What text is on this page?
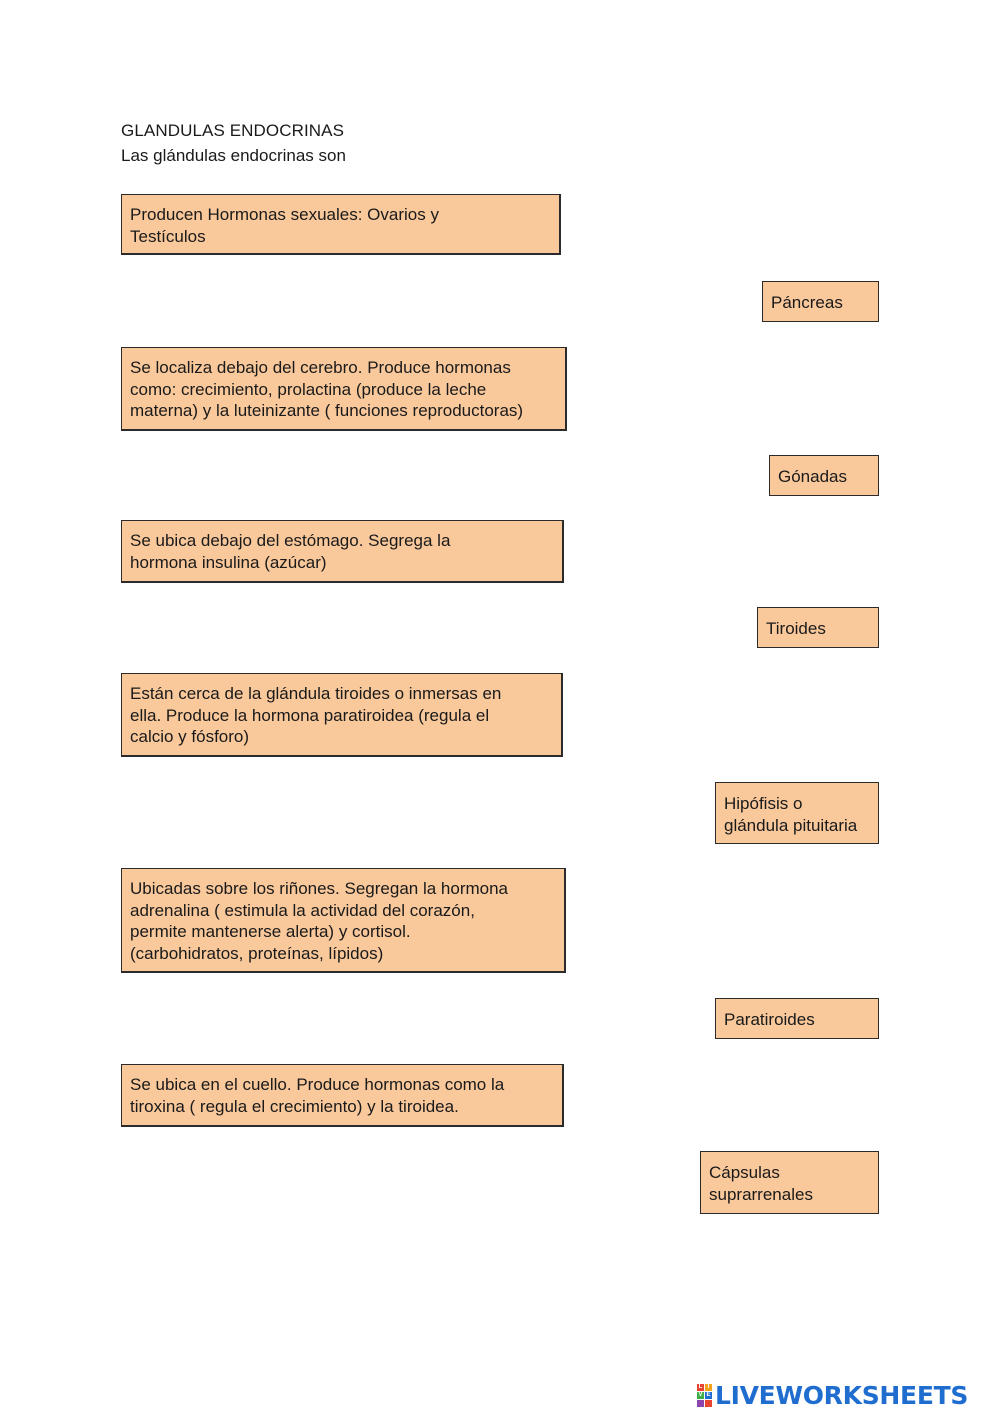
GLANDULAS ENDOCRINAS
Las glándulas endocrinas son
Producen Hormonas sexuales: Ovarios y
Testículos
Se localiza debajo del cerebro. Produce hormonas
como: crecimiento, prolactina (produce la leche
materna) y la luteinizante ( funciones reproductoras)
Se ubica debajo del estómago. Segrega la
hormona insulina (azúcar)
Están cerca de la glándula tiroides o inmersas en
ella. Produce la hormona paratiroidea (regula el
calcio y fósforo)
Ubicadas sobre los riñones. Segregan la hormona
adrenalina ( estimula la actividad del corazón,
permite mantenerse alerta) y cortisol.
(carbohidratos, proteínas, lípidos)
Se ubica en el cuello. Produce hormonas como la
tiroxina ( regula el crecimiento) y la tiroidea.
Páncreas
Gónadas
Tiroides
Hipófisis o
glándula pituitaria
Paratiroides
Cápsulas
suprarrenales
L I
V E LIVEWORKSHEETS
